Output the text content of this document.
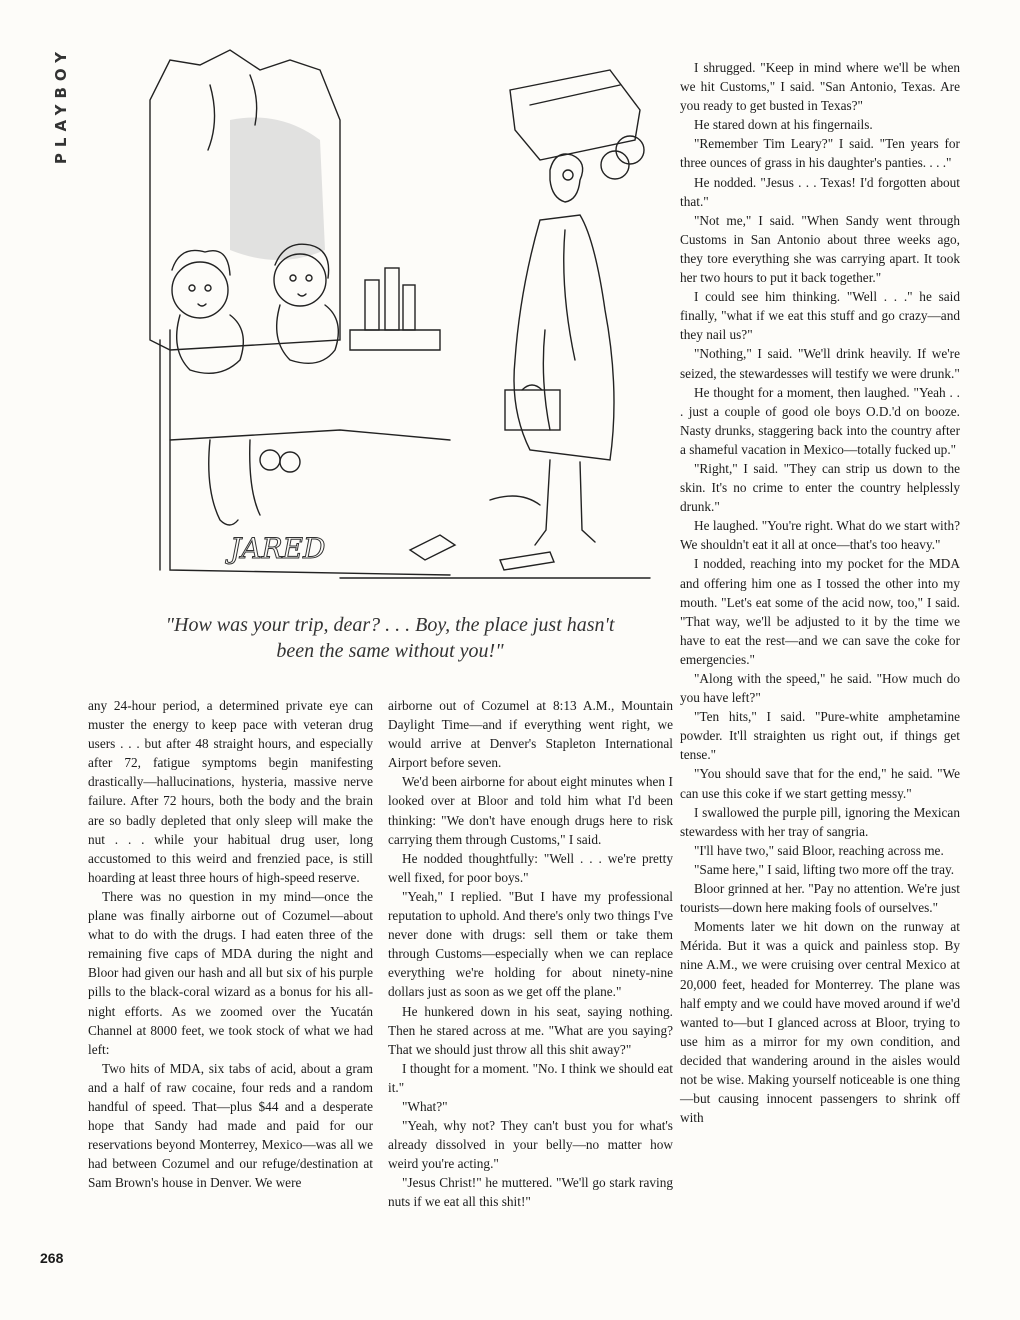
PLAYBOY
JARED
"How was your trip, dear? . . . Boy, the place just hasn't been the same without you!"

any 24-hour period, a determined private eye can muster the energy to keep pace with veteran drug users . . . but after 48 straight hours, and especially after 72, fatigue symptoms begin manifesting drastically—hallucinations, hysteria, massive nerve failure. After 72 hours, both the body and the brain are so badly depleted that only sleep will make the nut . . . while your habitual drug user, long accustomed to this weird and frenzied pace, is still hoarding at least three hours of high-speed reserve.

There was no question in my mind—once the plane was finally airborne out of Cozumel—about what to do with the drugs. I had eaten three of the remaining five caps of MDA during the night and Bloor had given our hash and all but six of his purple pills to the black-coral wizard as a bonus for his all-night efforts. As we zoomed over the Yucatán Channel at 8000 feet, we took stock of what we had left:

Two hits of MDA, six tabs of acid, about a gram and a half of raw cocaine, four reds and a random handful of speed. That—plus $44 and a desperate hope that Sandy had made and paid for our reservations beyond Monterrey, Mexico—was all we had between Cozumel and our refuge/destination at Sam Brown's house in Denver. We were

airborne out of Cozumel at 8:13 A.M., Mountain Daylight Time—and if everything went right, we would arrive at Denver's Stapleton International Airport before seven.

We'd been airborne for about eight minutes when I looked over at Bloor and told him what I'd been thinking: "We don't have enough drugs here to risk carrying them through Customs," I said.

He nodded thoughtfully: "Well . . . we're pretty well fixed, for poor boys."

"Yeah," I replied. "But I have my professional reputation to uphold. And there's only two things I've never done with drugs: sell them or take them through Customs—especially when we can replace everything we're holding for about ninety-nine dollars just as soon as we get off the plane."

He hunkered down in his seat, saying nothing. Then he stared across at me. "What are you saying? That we should just throw all this shit away?"

I thought for a moment. "No. I think we should eat it."

"What?"

"Yeah, why not? They can't bust you for what's already dissolved in your belly—no matter how weird you're acting."

"Jesus Christ!" he muttered. "We'll go stark raving nuts if we eat all this shit!"

I shrugged. "Keep in mind where we'll be when we hit Customs," I said. "San Antonio, Texas. Are you ready to get busted in Texas?"

He stared down at his fingernails.

"Remember Tim Leary?" I said. "Ten years for three ounces of grass in his daughter's panties. . . ."

He nodded. "Jesus . . . Texas! I'd forgotten about that."

"Not me," I said. "When Sandy went through Customs in San Antonio about three weeks ago, they tore everything she was carrying apart. It took her two hours to put it back together."

I could see him thinking. "Well . . ." he said finally, "what if we eat this stuff and go crazy—and they nail us?"

"Nothing," I said. "We'll drink heavily. If we're seized, the stewardesses will testify we were drunk."

He thought for a moment, then laughed. "Yeah . . . just a couple of good ole boys O.D.'d on booze. Nasty drunks, staggering back into the country after a shameful vacation in Mexico—totally fucked up."

"Right," I said. "They can strip us down to the skin. It's no crime to enter the country helplessly drunk."

He laughed. "You're right. What do we start with? We shouldn't eat it all at once—that's too heavy."

I nodded, reaching into my pocket for the MDA and offering him one as I tossed the other into my mouth. "Let's eat some of the acid now, too," I said. "That way, we'll be adjusted to it by the time we have to eat the rest—and we can save the coke for emergencies."

"Along with the speed," he said. "How much do you have left?"

"Ten hits," I said. "Pure-white amphetamine powder. It'll straighten us right out, if things get tense."

"You should save that for the end," he said. "We can use this coke if we start getting messy."

I swallowed the purple pill, ignoring the Mexican stewardess with her tray of sangria.

"I'll have two," said Bloor, reaching across me.

"Same here," I said, lifting two more off the tray.

Bloor grinned at her. "Pay no attention. We're just tourists—down here making fools of ourselves."

Moments later we hit down on the runway at Mérida. But it was a quick and painless stop. By nine A.M., we were cruising over central Mexico at 20,000 feet, headed for Monterrey. The plane was half empty and we could have moved around if we'd wanted to—but I glanced across at Bloor, trying to use him as a mirror for my own condition, and decided that wandering around in the aisles would not be wise. Making yourself noticeable is one thing—but causing innocent passengers to shrink off with

268
